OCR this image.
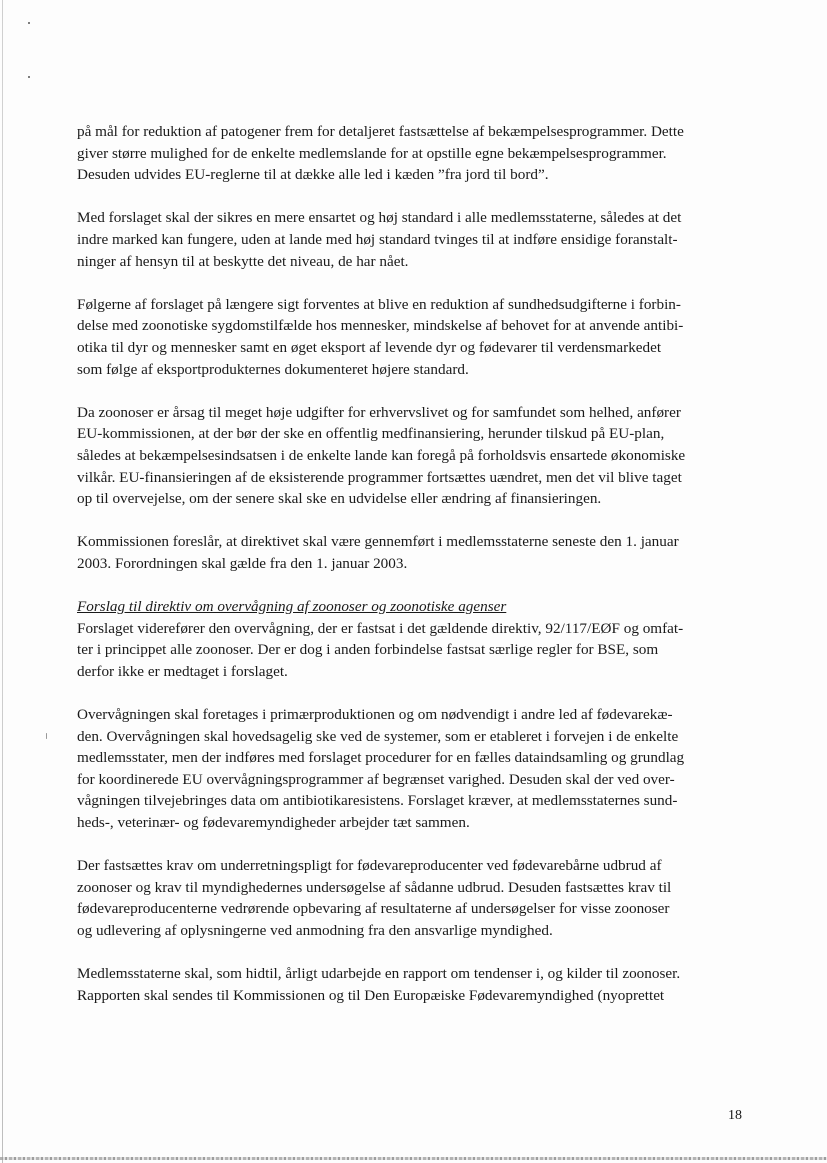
på mål for reduktion af patogener frem for detaljeret fastsættelse af bekæmpelsesprogrammer. Dette
giver større mulighed for de enkelte medlemslande for at opstille egne bekæmpelsesprogrammer.
Desuden udvides EU-reglerne til at dække alle led i kæden ”fra jord til bord”.

Med forslaget skal der sikres en mere ensartet og høj standard i alle medlemsstaterne, således at det
indre marked kan fungere, uden at lande med høj standard tvinges til at indføre ensidige foranstalt-
ninger af hensyn til at beskytte det niveau, de har nået.

Følgerne af forslaget på længere sigt forventes at blive en reduktion af sundhedsudgifterne i forbin-
delse med zoonotiske sygdomstilfælde hos mennesker, mindskelse af behovet for at anvende antibi-
otika til dyr og mennesker samt en øget eksport af levende dyr og fødevarer til verdensmarkedet
som følge af eksportprodukternes dokumenteret højere standard.

Da zoonoser er årsag til meget høje udgifter for erhvervslivet og for samfundet som helhed, anfører
EU-kommissionen, at der bør der ske en offentlig medfinansiering, herunder tilskud på EU-plan,
således at bekæmpelsesindsatsen i de enkelte lande kan foregå på forholdsvis ensartede økonomiske
vilkår. EU-finansieringen af de eksisterende programmer fortsættes uændret, men det vil blive taget
op til overvejelse, om der senere skal ske en udvidelse eller ændring af finansieringen.

Kommissionen foreslår, at direktivet skal være gennemført i medlemsstaterne seneste den 1. januar
2003. Forordningen skal gælde fra den 1. januar 2003.

Forslag til direktiv om overvågning af zoonoser og zoonotiske agenser
Forslaget viderefører den overvågning, der er fastsat i det gældende direktiv, 92/117/EØF og omfat-
ter i princippet alle zoonoser. Der er dog i anden forbindelse fastsat særlige regler for BSE, som
derfor ikke er medtaget i forslaget.

Overvågningen skal foretages i primærproduktionen og om nødvendigt i andre led af fødevarekæ-
den. Overvågningen skal hovedsagelig ske ved de systemer, som er etableret i forvejen i de enkelte
medlemsstater, men der indføres med forslaget procedurer for en fælles dataindsamling og grundlag
for koordinerede EU overvågningsprogrammer af begrænset varighed. Desuden skal der ved over-
vågningen tilvejebringes data om antibiotikaresistens. Forslaget kræver, at medlemsstaternes sund-
heds-, veterinær- og fødevaremyndigheder arbejder tæt sammen.

Der fastsættes krav om underretningspligt for fødevareproducenter ved fødevarebårne udbrud af
zoonoser og krav til myndighedernes undersøgelse af sådanne udbrud. Desuden fastsættes krav til
fødevareproducenterne vedrørende opbevaring af resultaterne af undersøgelser for visse zoonoser
og udlevering af oplysningerne ved anmodning fra den ansvarlige myndighed.

Medlemsstaterne skal, som hidtil, årligt udarbejde en rapport om tendenser i, og kilder til zoonoser.
Rapporten skal sendes til Kommissionen og til Den Europæiske Fødevaremyndighed (nyoprettet

18
